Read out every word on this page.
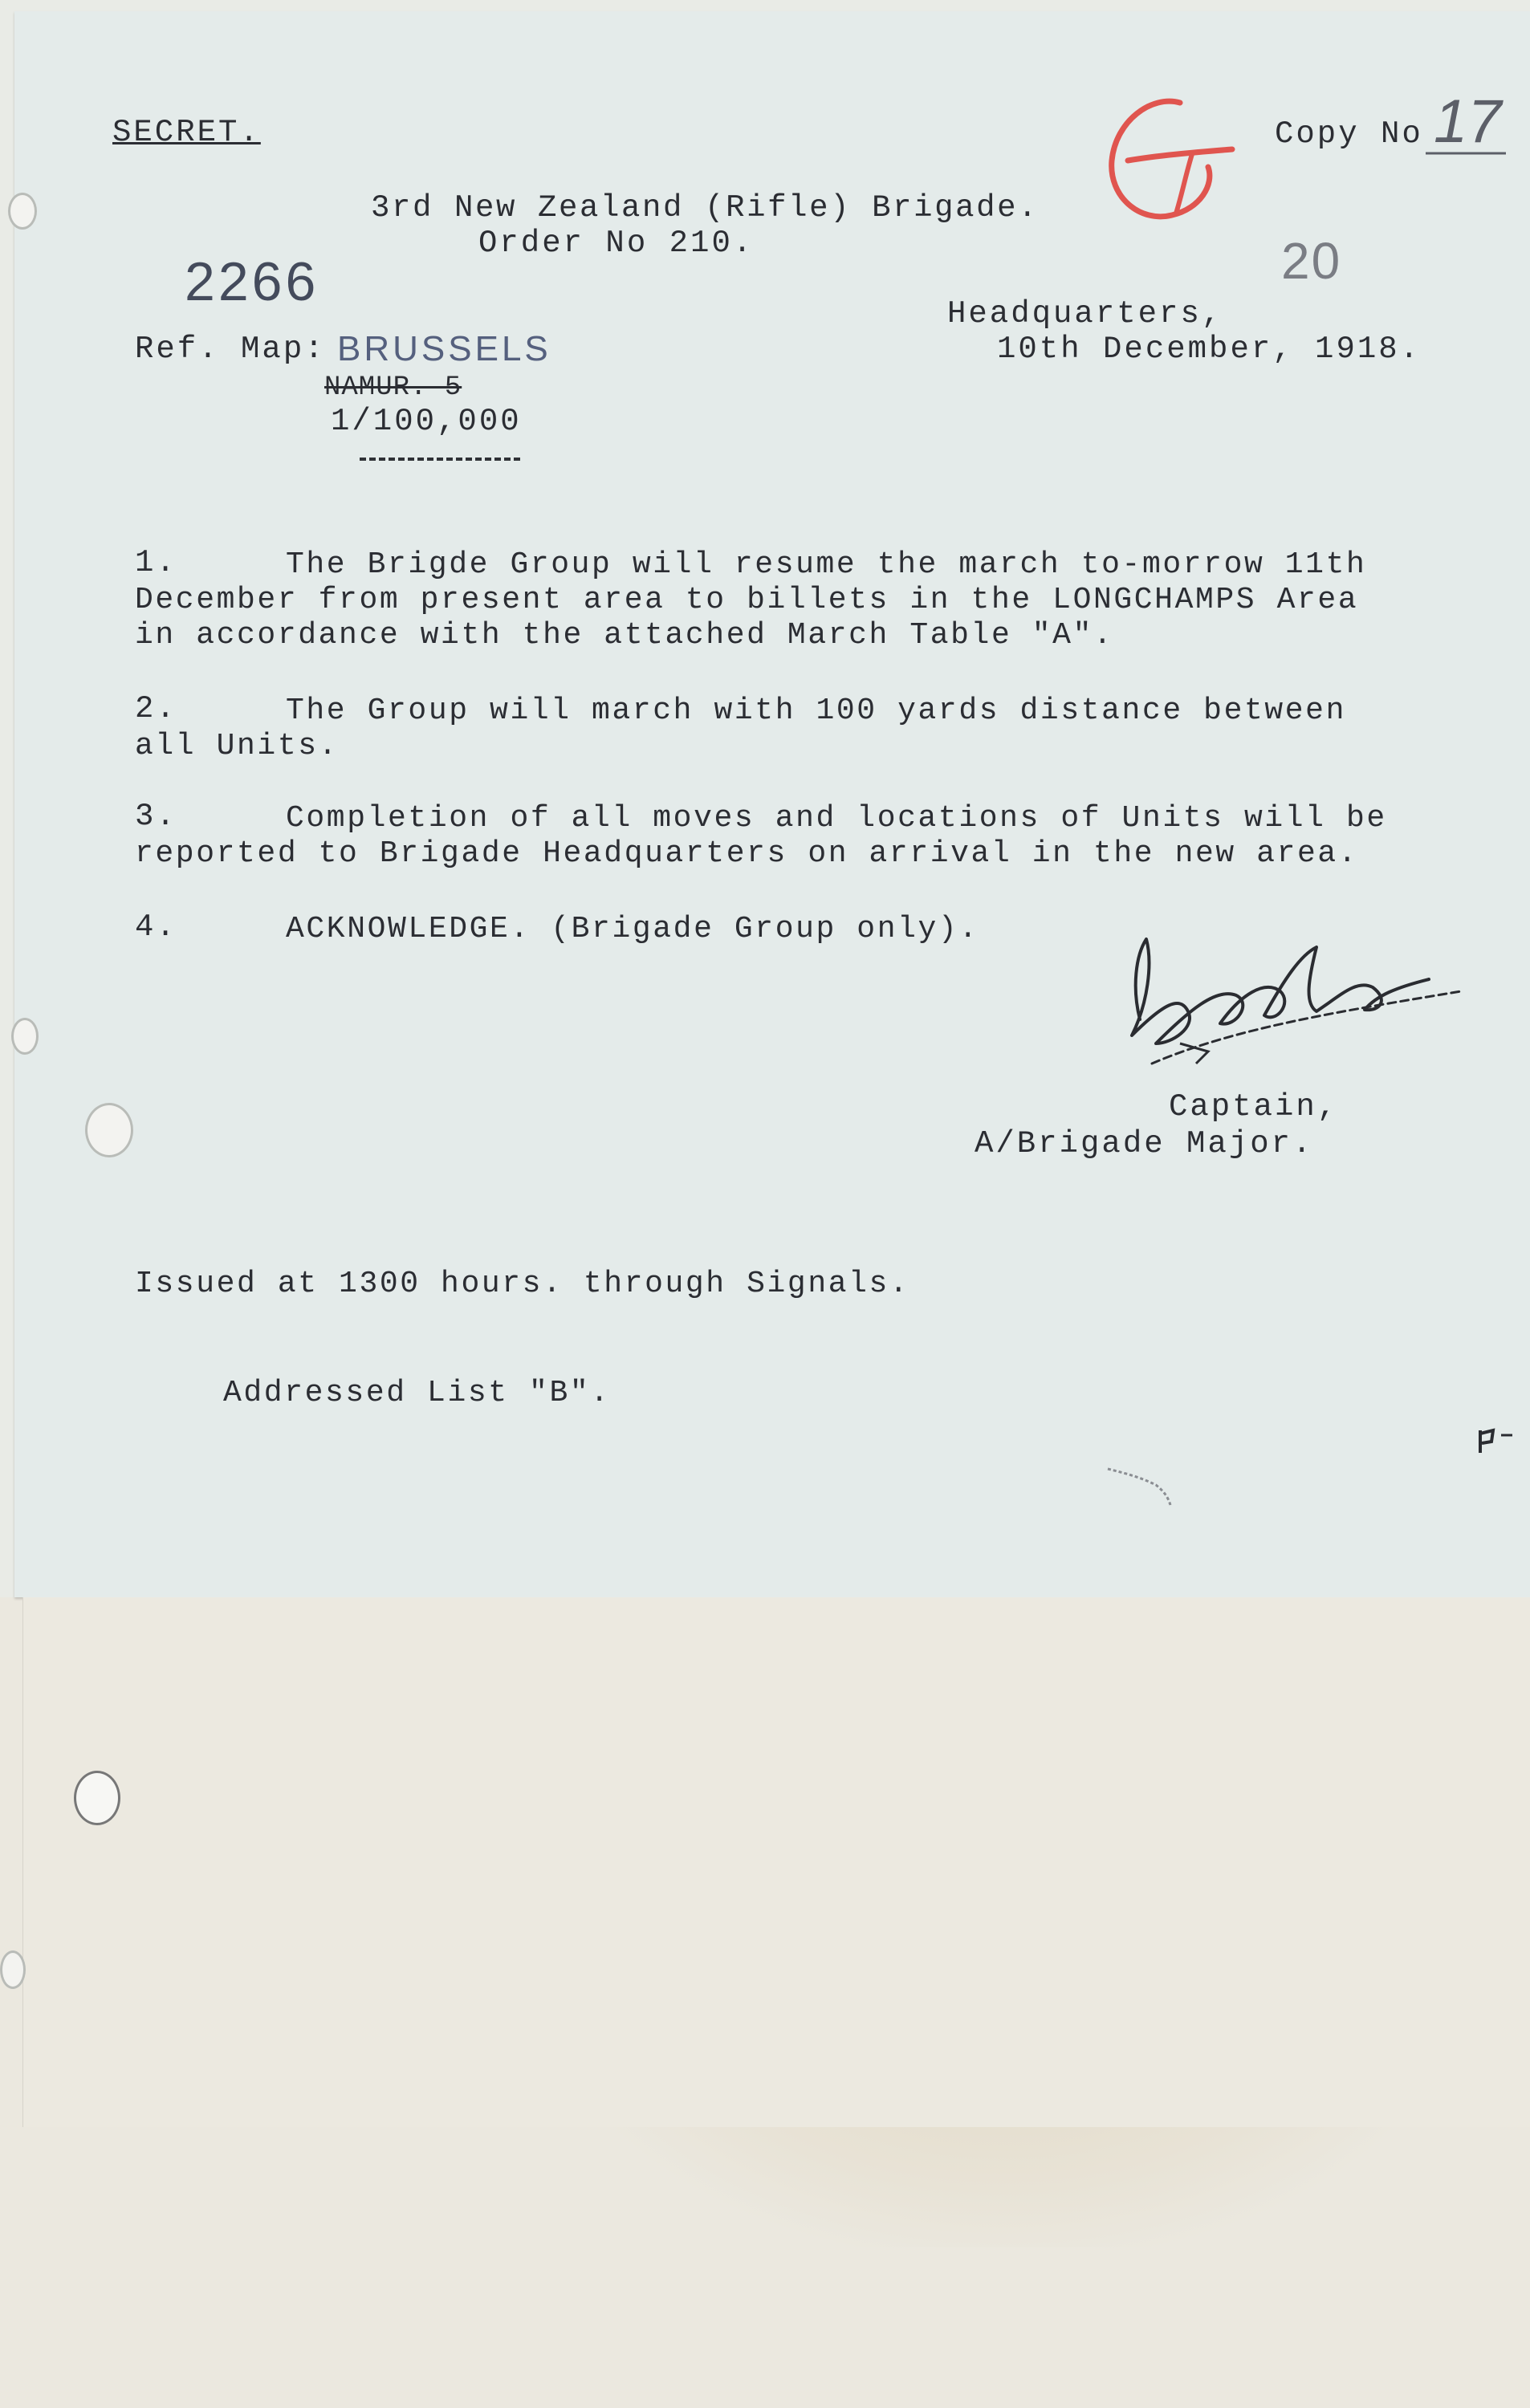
SECRET.	Copy No 17
3rd New Zealand (Rifle) Brigade.
Order No 210.
2266	20
Headquarters,
10th December, 1918.
Ref. Map: BRUSSELS
NAMUR. 5
1/100,000
1.	The Brigde Group will resume the march to-morrow 11th
December from present area to billets in the LONGCHAMPS Area
in accordance with the attached March Table "A".
2.	The Group will march with 100 yards distance between
all Units.
3.	Completion of all moves and locations of Units will be
reported to Brigade Headquarters on arrival in the new area.
4.	ACKNOWLEDGE. (Brigade Group only).
Captain,
A/Brigade Major.
Issued at 1300 hours. through Signals.
Addressed List "B".
